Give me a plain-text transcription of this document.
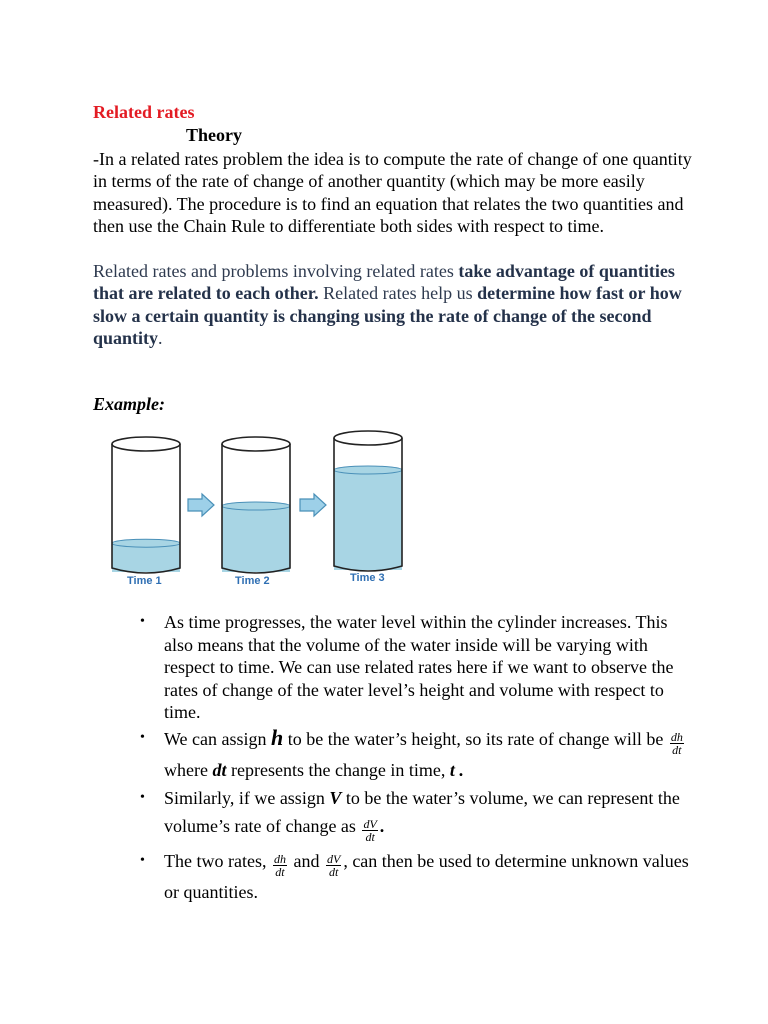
Related rates
Theory
-In a related rates problem the idea is to compute the rate of change of one quantity in terms of the rate of change of another quantity (which may be more easily measured). The procedure is to find an equation that relates the two quantities and then use the Chain Rule to differentiate both sides with respect to time.
Related rates and problems involving related rates take advantage of quantities that are related to each other. Related rates help us determine how fast or how slow a certain quantity is changing using the rate of change of the second quantity.
Example:
Time 1	Time 2	Time 3
• As time progresses, the water level within the cylinder increases. This also means that the volume of the water inside will be varying with respect to time. We can use related rates here if we want to observe the rates of change of the water level’s height and volume with respect to time.
• We can assign h to be the water’s height, so its rate of change will be $\frac{dh}{dt}$
where dt represents the change in time, t .
• Similarly, if we assign V to be the water’s volume, we can represent the volume’s rate of change as $\frac{dV}{dt}$ .
• The two rates, $\frac{dh}{dt}$ and $\frac{dV}{dt}$ , can then be used to determine unknown values or quantities.
